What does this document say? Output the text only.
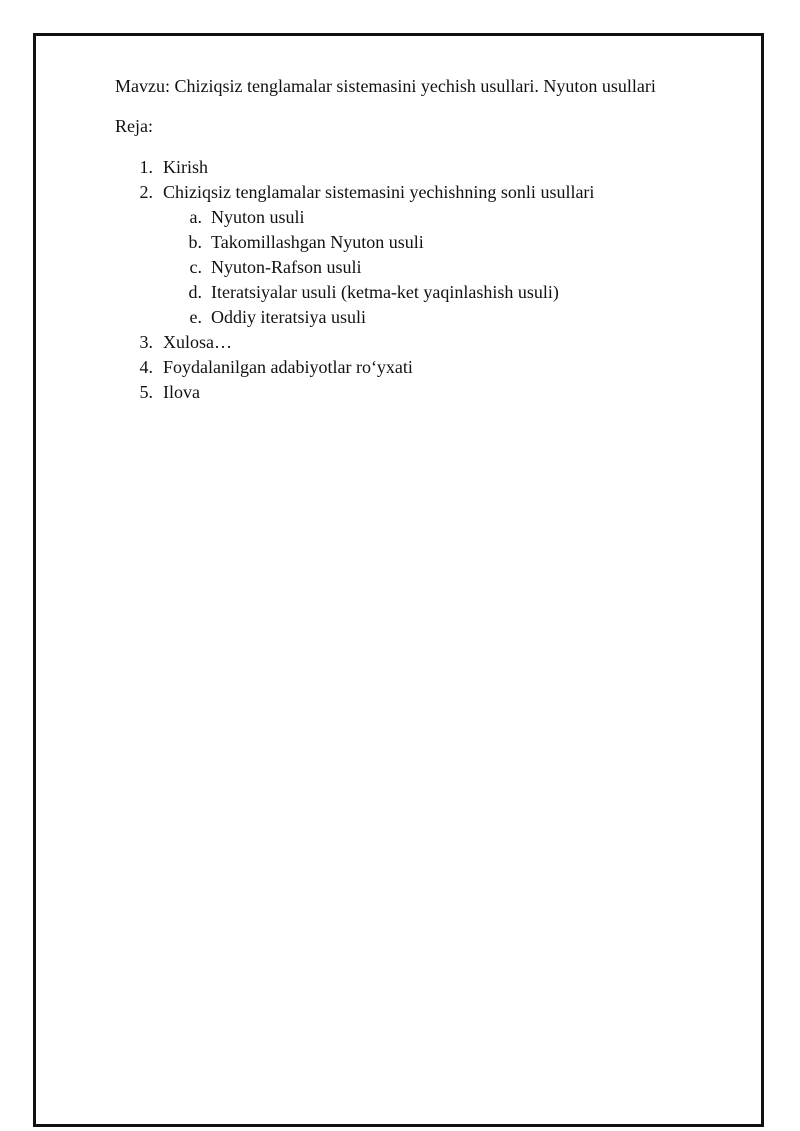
Mavzu: Chiziqsiz tenglamalar sistemasini yechish usullari. Nyuton usullari

Reja:

1. Kirish
2. Chiziqsiz tenglamalar sistemasini yechishning sonli usullari
a. Nyuton usuli
b. Takomillashgan Nyuton usuli
c. Nyuton-Rafson usuli
d. Iteratsiyalar usuli (ketma-ket yaqinlashish usuli)
e. Oddiy iteratsiya usuli
3. Xulosa…
4. Foydalanilgan adabiyotlar ro‘yxati
5. Ilova
